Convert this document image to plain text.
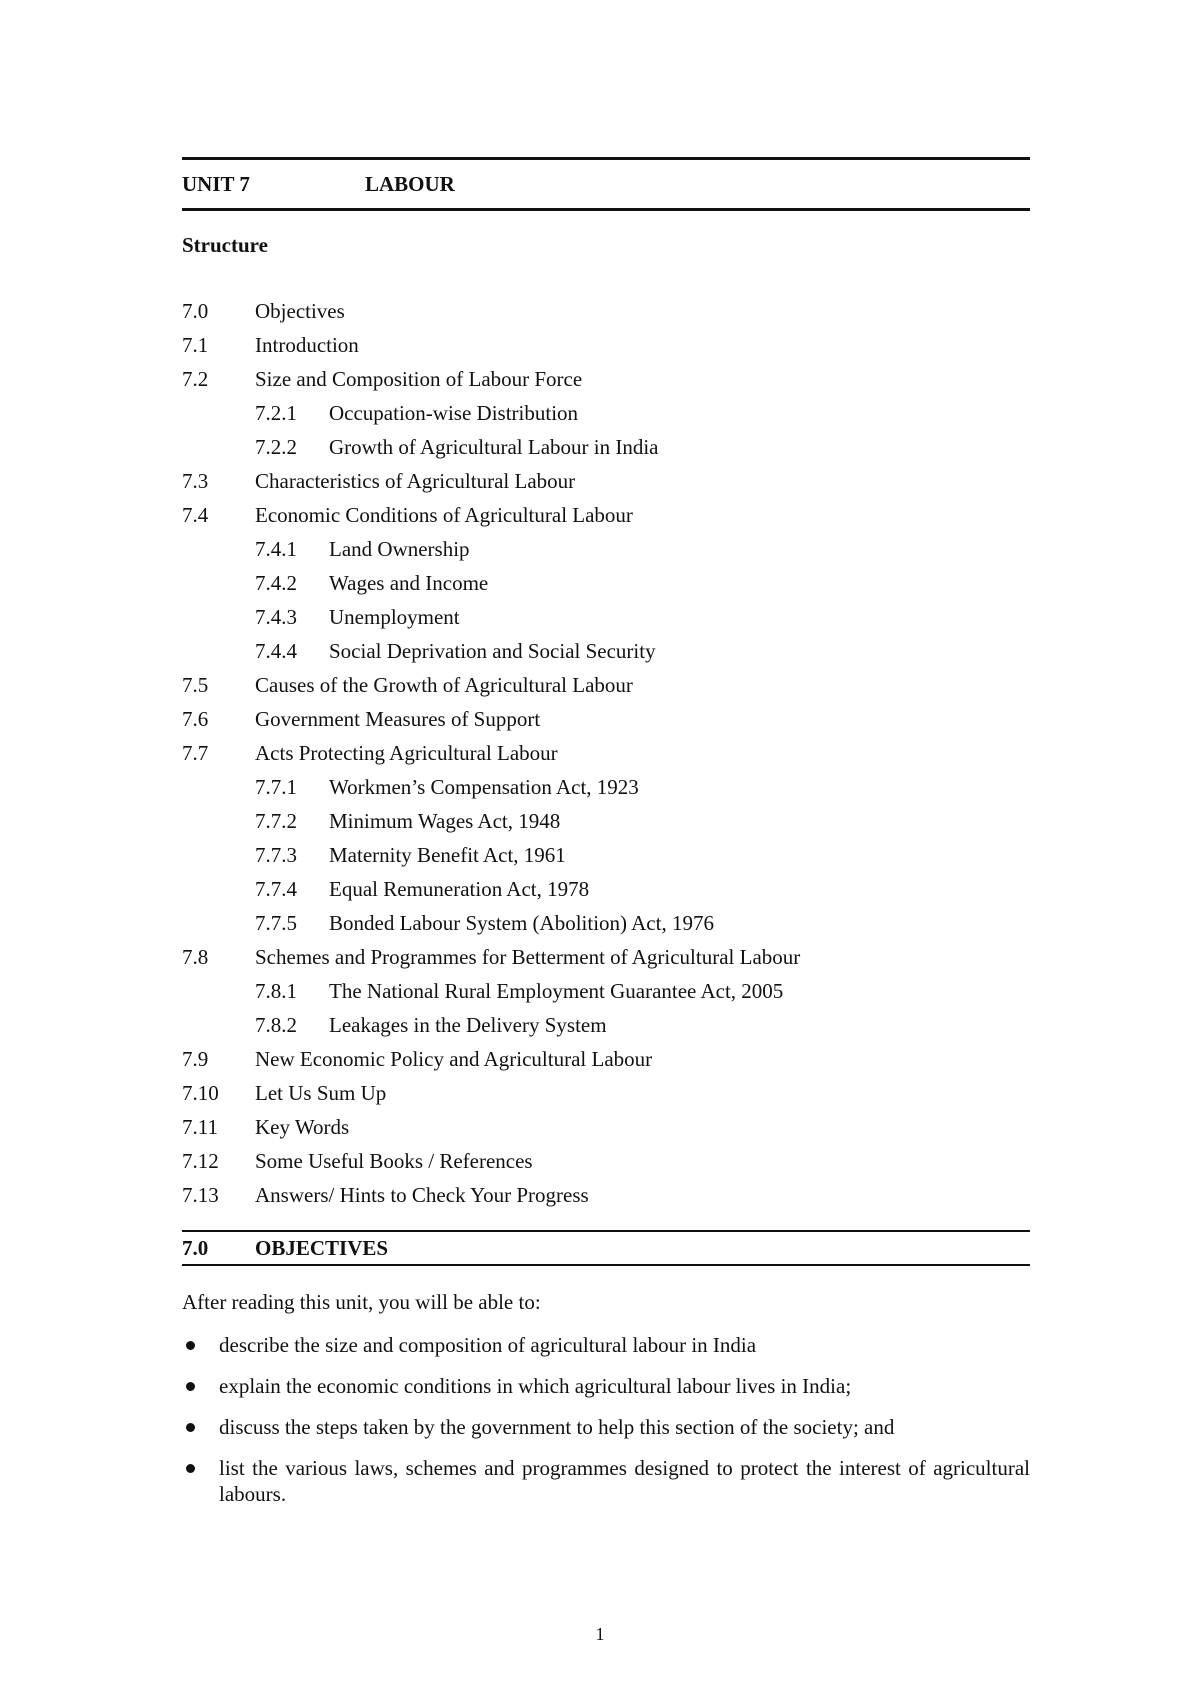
UNIT 7	LABOUR
Structure
7.0	Objectives
7.1	Introduction
7.2	Size and Composition of Labour Force
7.2.1	Occupation-wise Distribution
7.2.2	Growth of Agricultural Labour in India
7.3	Characteristics of Agricultural Labour
7.4	Economic Conditions of Agricultural Labour
7.4.1	Land Ownership
7.4.2	Wages and Income
7.4.3	Unemployment
7.4.4	Social Deprivation and Social Security
7.5	Causes of the Growth of Agricultural Labour
7.6	Government Measures of Support
7.7	Acts Protecting Agricultural Labour
7.7.1	Workmen’s Compensation Act, 1923
7.7.2	Minimum Wages Act, 1948
7.7.3	Maternity Benefit Act, 1961
7.7.4	Equal Remuneration Act, 1978
7.7.5	Bonded Labour System (Abolition) Act, 1976
7.8	Schemes and Programmes for Betterment of Agricultural Labour
7.8.1	The National Rural Employment Guarantee Act, 2005
7.8.2	Leakages in the Delivery System
7.9	New Economic Policy and Agricultural Labour
7.10	Let Us Sum Up
7.11	Key Words
7.12	Some Useful Books / References
7.13	Answers/ Hints to Check Your Progress
7.0	OBJECTIVES
After reading this unit, you will be able to:
describe the size and composition of agricultural labour in India
explain the economic conditions in which agricultural labour lives in India;
discuss the steps taken by the government to help this section of the society; and
list the various laws, schemes and programmes designed to protect the interest of agricultural labours.
1
